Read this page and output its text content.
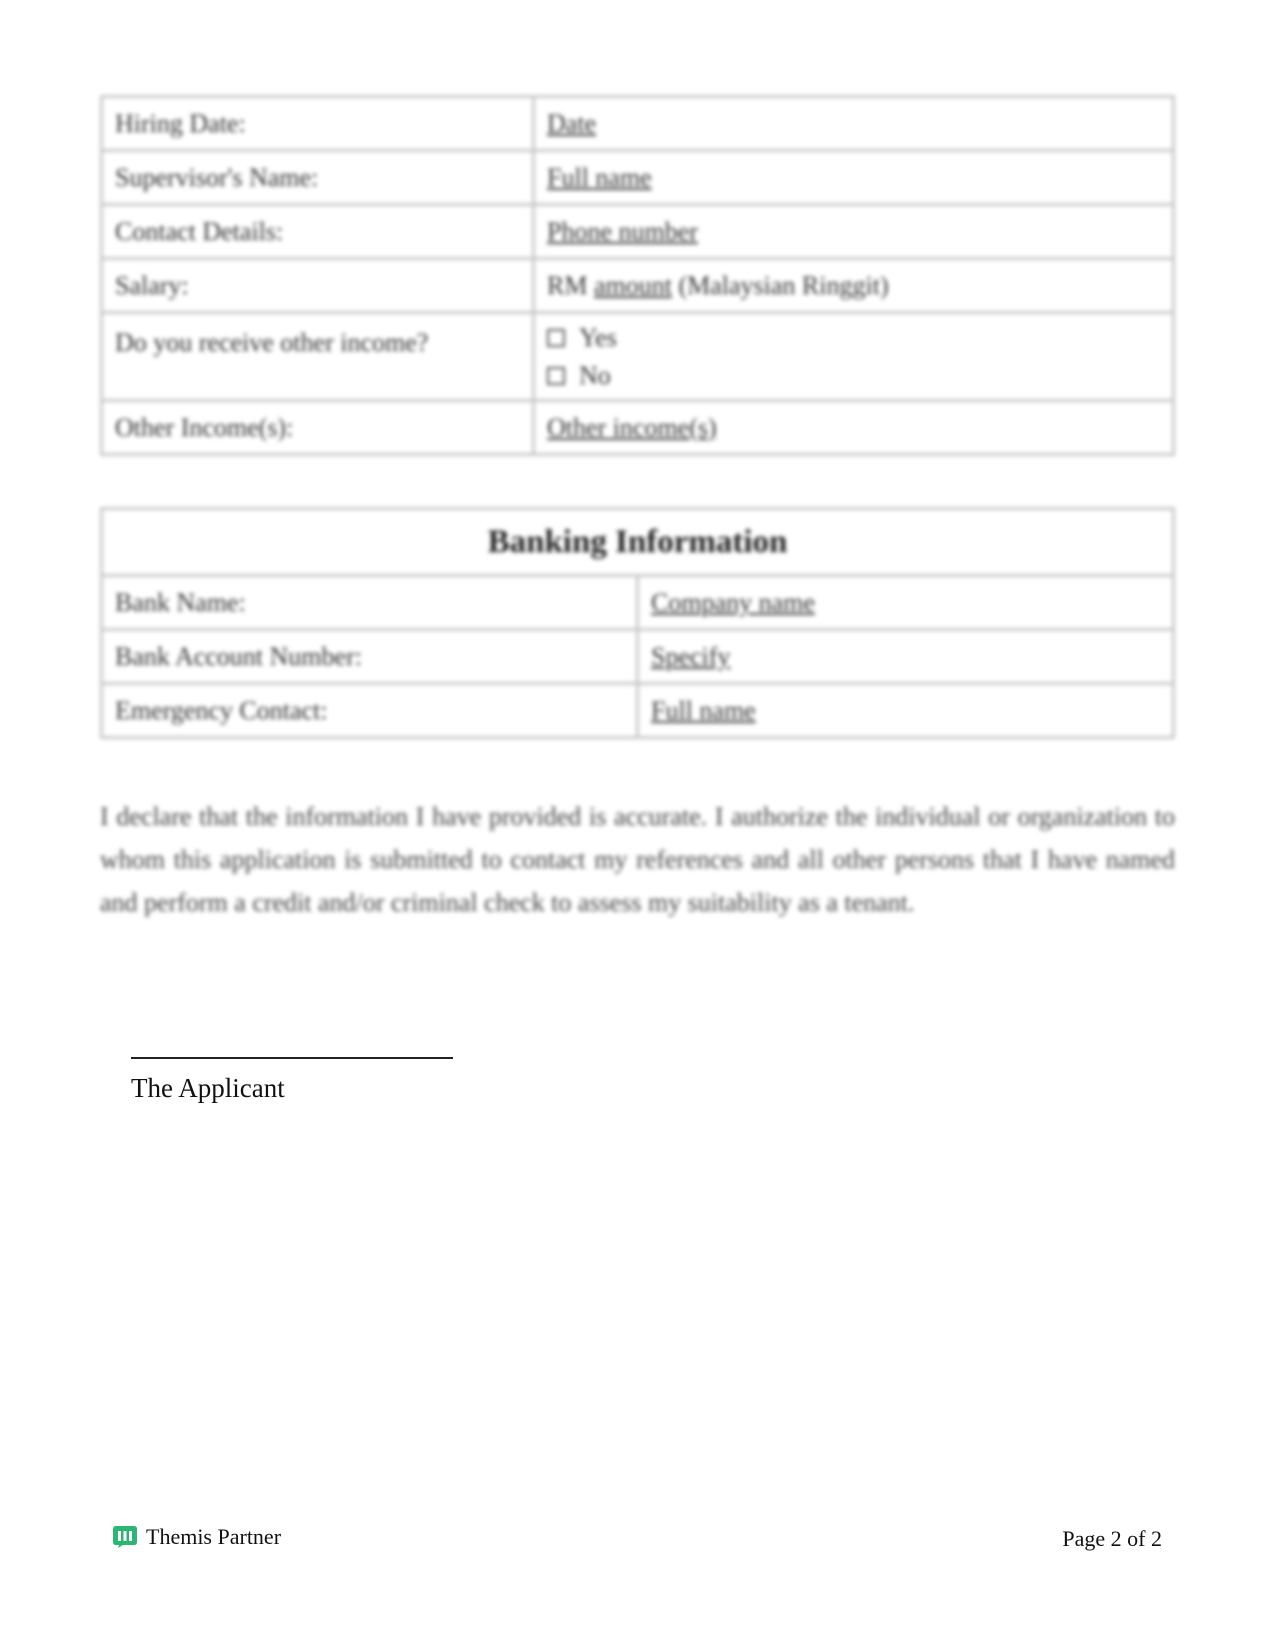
Hiring Date:	Date
Supervisor's Name:	Full name
Contact Details:	Phone number
Salary:	RM amount (Malaysian Ringgit)
Do you receive other income?	Yes
No

Other Income(s):	Other income(s)
Banking Information	
Bank Name:	Company name
Bank Account Number:	Specify
Emergency Contact:	Full name

I declare that the information I have provided is accurate. I authorize the individual or organization to whom this application is submitted to contact my references and all other persons that I have named and perform a credit and/or criminal check to assess my suitability as a tenant.

The Applicant
Themis Partner	Page 2 of 2
